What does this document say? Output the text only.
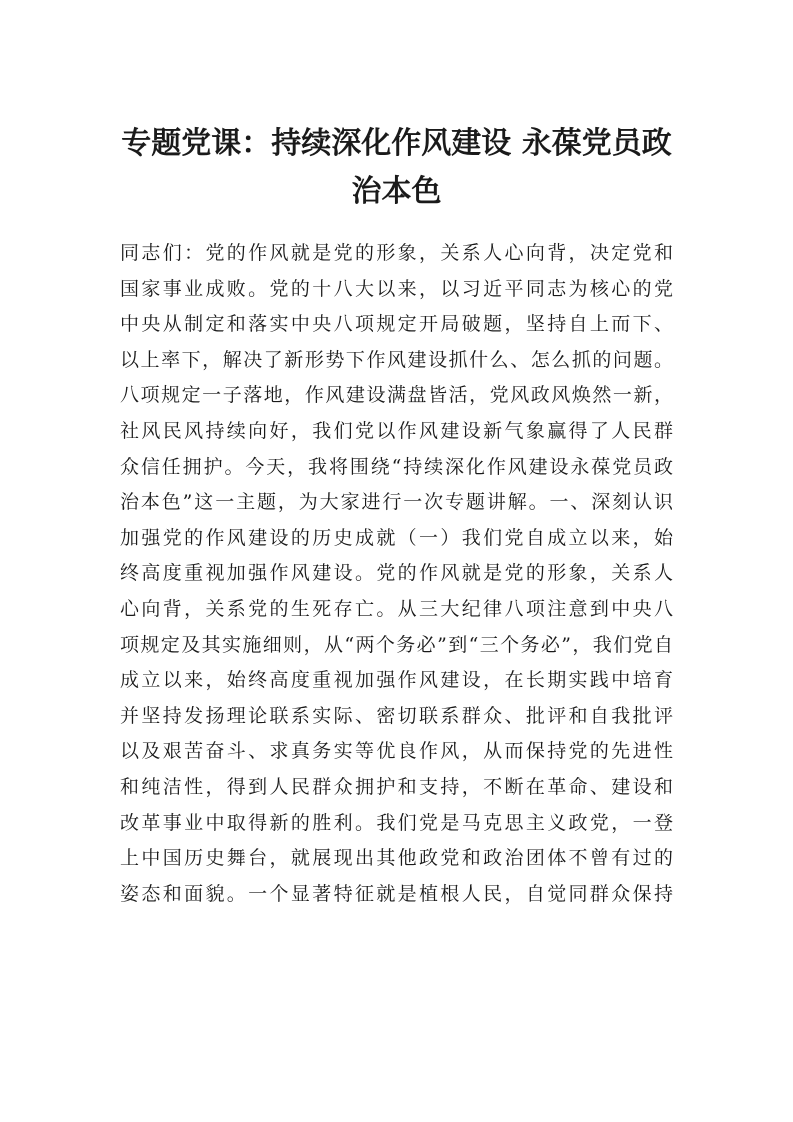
专题党课：持续深化作风建设 永葆党员政
治本色
同志们：党的作风就是党的形象，关系人心向背，决定党和
国家事业成败。党的十八大以来，以习近平同志为核心的党
中央从制定和落实中央八项规定开局破题，坚持自上而下、
以上率下，解决了新形势下作风建设抓什么、怎么抓的问题。
八项规定一子落地，作风建设满盘皆活，党风政风焕然一新，
社风民风持续向好，我们党以作风建设新气象赢得了人民群
众信任拥护。今天，我将围绕“持续深化作风建设永葆党员政
治本色”这一主题，为大家进行一次专题讲解。一、深刻认识
加强党的作风建设的历史成就（一）我们党自成立以来，始
终高度重视加强作风建设。党的作风就是党的形象，关系人
心向背，关系党的生死存亡。从三大纪律八项注意到中央八
项规定及其实施细则，从“两个务必”到“三个务必”，我们党自
成立以来，始终高度重视加强作风建设，在长期实践中培育
并坚持发扬理论联系实际、密切联系群众、批评和自我批评
以及艰苦奋斗、求真务实等优良作风，从而保持党的先进性
和纯洁性，得到人民群众拥护和支持，不断在革命、建设和
改革事业中取得新的胜利。我们党是马克思主义政党，一登
上中国历史舞台，就展现出其他政党和政治团体不曾有过的
姿态和面貌。一个显著特征就是植根人民，自觉同群众保持
